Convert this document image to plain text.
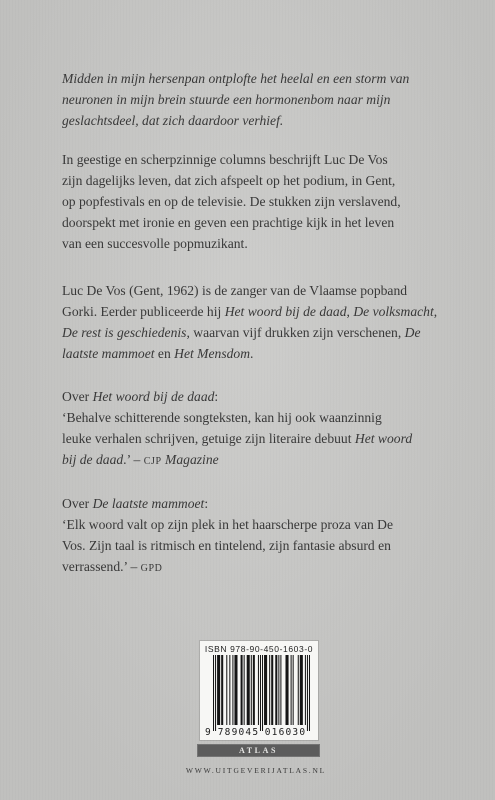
Midden in mijn hersenpan ontplofte het heelal en een storm van
neuronen in mijn brein stuurde een hormonenbom naar mijn
geslachtsdeel, dat zich daardoor verhief.
In geestige en scherpzinnige columns beschrijft Luc De Vos
zijn dagelijks leven, dat zich afspeelt op het podium, in Gent,
op popfestivals en op de televisie. De stukken zijn verslavend,
doorspekt met ironie en geven een prachtige kijk in het leven
van een succesvolle popmuzikant.
Luc De Vos (Gent, 1962) is de zanger van de Vlaamse popband
Gorki. Eerder publiceerde hij Het woord bij de daad, De volksmacht,
De rest is geschiedenis, waarvan vijf drukken zijn verschenen, De
laatste mammoet en Het Mensdom.
Over Het woord bij de daad:
‘Behalve schitterende songteksten, kan hij ook waanzinnig
leuke verhalen schrijven, getuige zijn literaire debuut Het woord
bij de daad.’ – CJP Magazine
Over De laatste mammoet:
‘Elk woord valt op zijn plek in het haarscherpe proza van De
Vos. Zijn taal is ritmisch en tintelend, zijn fantasie absurd en
verrassend.’ – GPD
ISBN 978-90-450-1603-0
9 789045 016030
ATLAS
WWW.UITGEVERIJATLAS.NL
